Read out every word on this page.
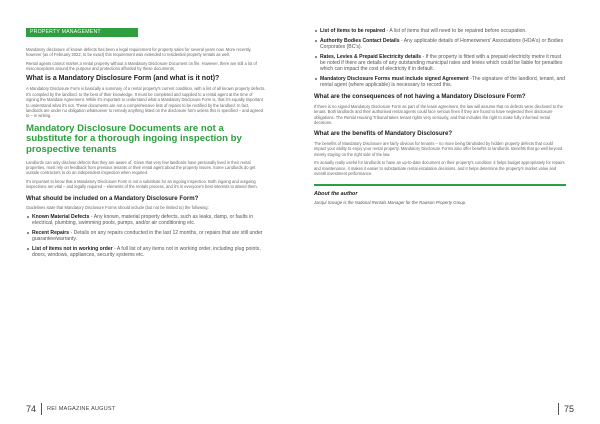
PROPERTY MANAGEMENT

Mandatory disclosure of known defects has been a legal requirement for property sales for several years now. More recently, however (as of February 2022, to be exact) this requirement was extended to residential property rentals as well.

Rental agents cannot market a rental property without a Mandatory Disclosure Document on file. However, there are still a lot of misconceptions around the purpose and protections afforded by these documents.

What is a Mandatory Disclosure Form (and what is it not)?

A Mandatory Disclosure Form is basically a summary of a rental property's current condition, with a list of all known property defects. It's compiled by the landlord, to the best of their knowledge. It must be completed and supplied to a rental agent at the time of signing the Mandate Agreement. While it's important to understand what a Mandatory Disclosure Form is, that it's equally important to understand what it's not. These documents are not a comprehensive lists of repairs to be rectified by the landlord. In fact, landlords are under no obligation whatsoever to remedy anything listed on the disclosure form unless this is specified – and agreed to – in writing.

Mandatory Disclosure Documents are not a substitute for a thorough ingoing inspection by prospective tenants

Landlords can only disclose defects that they are aware of. Given that very few landlords have personally lived in their rental properties, most rely on feedback from previous tenants or their rental agent about the property issues. Some Landlords do get outside contractors to do an independent inspection when required.

It's important to know that a Mandatory Disclosure Form is not a substitute for an ingoing inspection. Both ingoing and outgoing inspections are vital – and legally required – elements of the rentals process, and it's in everyone's best interests to attend them.

What should be included on a Mandatory Disclosure Form?

Guidelines state that Mandatory Disclosure Forms should include (but not be limited to) the following:

Known Material Defects - Any known, material property defects, such as leaks, damp, or faults in electrical, plumbing, swimming pools, pumps, and/or air conditioning etc.
Recent Repairs - Details on any repairs conducted in the last 12 months, or repairs that are still under guarantee/warranty.
List of items not in working order - A full list of any items not in working order, including plug points, doors, windows, appliances, security systems etc.
74 REI MAGAZINE AUGUST
List of items to be repaired - A list of items that will need to be repaired before occupation.
Authority Bodies Contact Details - Any applicable details of Homeowners' Associations (HOA's) or Bodies Corporates (BC's).
Rates, Levies & Prepaid Electricity details - If the property is fitted with a prepaid electricity metre it must be noted if there are details of any outstanding municipal rates and levies which could be liable for penalties which can impact the cost of electricity if in default.
Mandatory Disclosure Forms must include signed Agreement -The signature of the landlord, tenant, and rental agent (where applicable) is necessary to record this.
What are the consequences of not having a Mandatory Disclosure Form?

If there is no signed Mandatory Disclosure Form as part of the lease agreement, the law will assume that no defects were disclosed to the tenant. Both landlords and their authorised rental agents could face serious fines if they are found to have neglected their disclosure obligations. The Rental Housing Tribunal takes tenant rights very seriously, and that includes the right to make fully informed rental decisions.

What are the benefits of Mandatory Disclosure?

The benefits of Mandatory Disclosure are fairly obvious for tenants – no more being blindsided by hidden property defects that could impact your ability to enjoy your rental property. Mandatory Disclosure Forms also offer benefits to landlords. Benefits that go well beyond merely staying on the right side of the law.

It's actually really useful for landlords to have an up-to-date document on their property's condition: it helps budget appropriately for repairs and maintenance, it makes it easier to substantiate rental escalation decisions, and it helps determine the property's market value and overall investment performance.

About the author

Jacqui Savage is the National Rentals Manager for the Rawson Property Group.

75
